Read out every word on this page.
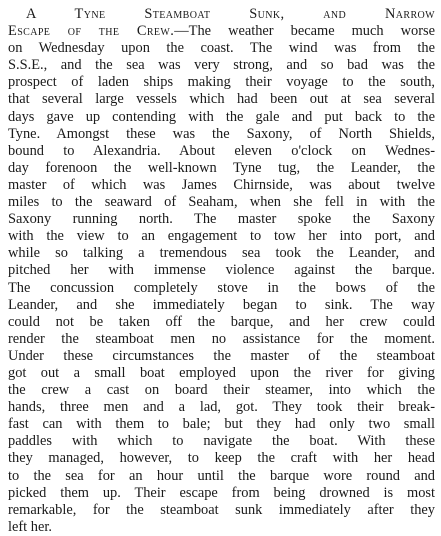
A Tyne Steamboat Sunk, and Narrow
Escape of the Crew.—The weather became much worse
on Wednesday upon the coast. The wind was from the
S.S.E., and the sea was very strong, and so bad was the
prospect of laden ships making their voyage to the south,
that several large vessels which had been out at sea several
days gave up contending with the gale and put back to the
Tyne. Amongst these was the Saxony, of North Shields,
bound to Alexandria. About eleven o'clock on Wednes-
day forenoon the well-known Tyne tug, the Leander, the
master of which was James Chirnside, was about twelve
miles to the seaward of Seaham, when she fell in with the
Saxony running north. The master spoke the Saxony
with the view to an engagement to tow her into port, and
while so talking a tremendous sea took the Leander, and
pitched her with immense violence against the barque.
The concussion completely stove in the bows of the
Leander, and she immediately began to sink. The way
could not be taken off the barque, and her crew could
render the steamboat men no assistance for the moment.
Under these circumstances the master of the steamboat
got out a small boat employed upon the river for giving
the crew a cast on board their steamer, into which the
hands, three men and a lad, got. They took their break-
fast can with them to bale; but they had only two small
paddles with which to navigate the boat. With these
they managed, however, to keep the craft with her head
to the sea for an hour until the barque wore round and
picked them up. Their escape from being drowned is most
remarkable, for the steamboat sunk immediately after they
left her.
